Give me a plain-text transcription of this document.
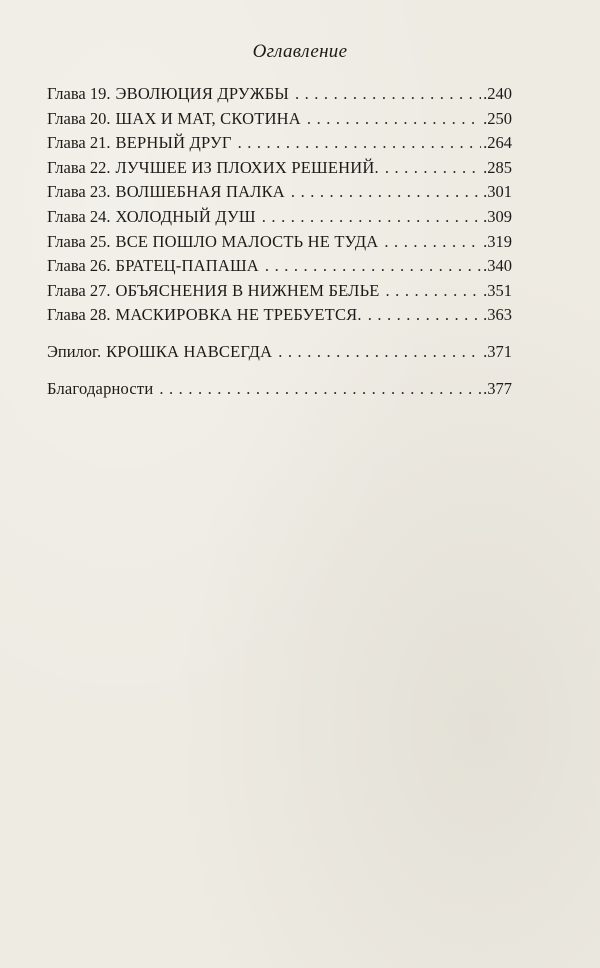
Оглавление
Глава 19. ЭВОЛЮЦИЯ ДРУЖБЫ . . .	.240
Глава 20. ШАХ И МАТ, СКОТИНА . . .	.250
Глава 21. ВЕРНЫЙ ДРУГ . . .	.264
Глава 22. ЛУЧШЕЕ ИЗ ПЛОХИХ РЕШЕНИЙ. . . .	.285
Глава 23. ВОЛШЕБНАЯ ПАЛКА . . .	.301
Глава 24. ХОЛОДНЫЙ ДУШ . . .	.309
Глава 25. ВСЕ ПОШЛО МАЛОСТЬ НЕ ТУДА . . .	.319
Глава 26. БРАТЕЦ-ПАПАША . . .	.340
Глава 27. ОБЪЯСНЕНИЯ В НИЖНЕМ БЕЛЬЕ . . .	.351
Глава 28. МАСКИРОВКА НЕ ТРЕБУЕТСЯ. . . .	.363
Эпилог. КРОШКА НАВСЕГДА . . .	.371
Благодарности . . .	.377
